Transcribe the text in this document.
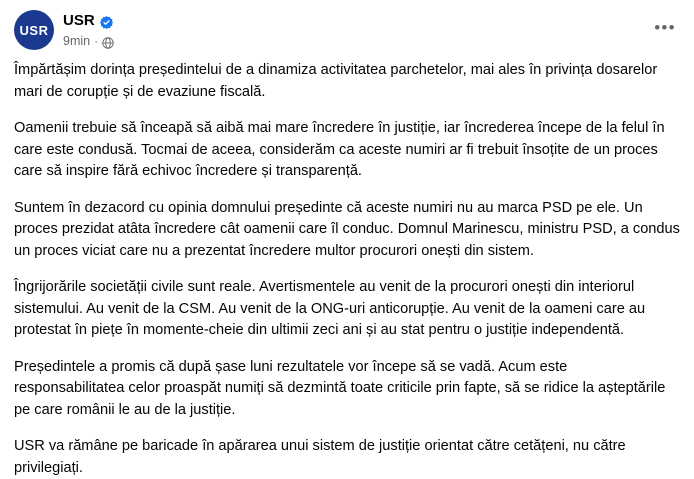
USR
USR
9min ·
•••

Împărtășim dorința președintelui de a dinamiza activitatea parchetelor, mai ales în privința dosarelor mari de corupție și de evaziune fiscală.

Oamenii trebuie să înceapă să aibă mai mare încredere în justiție, iar încrederea începe de la felul în care este condusă. Tocmai de aceea, considerăm ca aceste numiri ar fi trebuit însoțite de un proces care să inspire fără echivoc încredere și transparență.

Suntem în dezacord cu opinia domnului președinte că aceste numiri nu au marca PSD pe ele. Un proces prezidat atâta încredere cât oamenii care îl conduc. Domnul Marinescu, ministru PSD, a condus un proces viciat care nu a prezentat încredere multor procurori onești din sistem.

Îngrijorările societății civile sunt reale. Avertismentele au venit de la procurori onești din interiorul sistemului. Au venit de la CSM. Au venit de la ONG-uri anticorupție. Au venit de la oameni care au protestat în piețe în momente-cheie din ultimii zeci ani și au stat pentru o justiție independentă.

Președintele a promis că după șase luni rezultatele vor începe să se vadă. Acum este responsabilitatea celor proaspăt numiți să dezmintă toate criticile prin fapte, să se ridice la așteptările pe care românii le au de la justiție.

USR va rămâne pe baricade în apărarea unui sistem de justiție orientat către cetățeni, nu către privilegiați.
